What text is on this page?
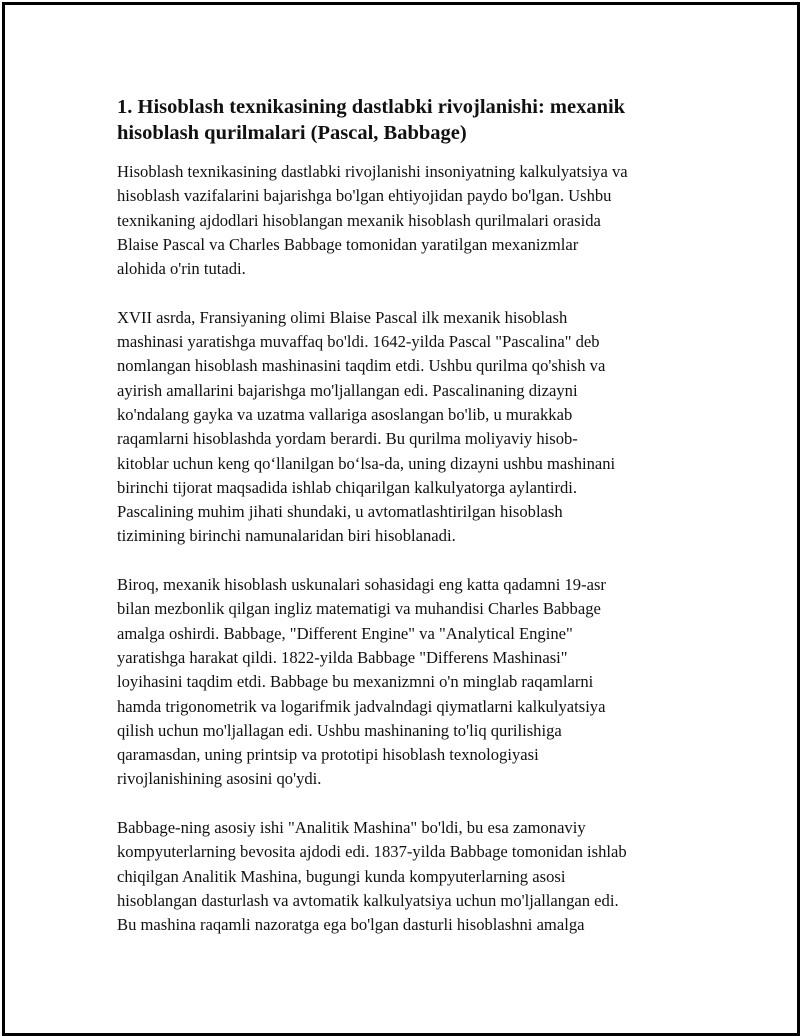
1. Hisoblash texnikasining dastlabki rivojlanishi: mexanik
hisoblash qurilmalari (Pascal, Babbage)
Hisoblash texnikasining dastlabki rivojlanishi insoniyatning kalkulyatsiya va
hisoblash vazifalarini bajarishga bo'lgan ehtiyojidan paydo bo'lgan. Ushbu
texnikaning ajdodlari hisoblangan mexanik hisoblash qurilmalari orasida
Blaise Pascal va Charles Babbage tomonidan yaratilgan mexanizmlar
alohida o'rin tutadi.
XVII asrda, Fransiyaning olimi Blaise Pascal ilk mexanik hisoblash
mashinasi yaratishga muvaffaq bo'ldi. 1642-yilda Pascal "Pascalina" deb
nomlangan hisoblash mashinasini taqdim etdi. Ushbu qurilma qo'shish va
ayirish amallarini bajarishga mo'ljallangan edi. Pascalinaning dizayni
ko'ndalang gayka va uzatma vallariga asoslangan bo'lib, u murakkab
raqamlarni hisoblashda yordam berardi. Bu qurilma moliyaviy hisob-
kitoblar uchun keng qo‘llanilgan bo‘lsa-da, uning dizayni ushbu mashinani
birinchi tijorat maqsadida ishlab chiqarilgan kalkulyatorga aylantirdi.
Pascalining muhim jihati shundaki, u avtomatlashtirilgan hisoblash
tizimining birinchi namunalaridan biri hisoblanadi.
Biroq, mexanik hisoblash uskunalari sohasidagi eng katta qadamni 19-asr
bilan mezbonlik qilgan ingliz matematigi va muhandisi Charles Babbage
amalga oshirdi. Babbage, "Different Engine" va "Analytical Engine"
yaratishga harakat qildi. 1822-yilda Babbage "Differens Mashinasi"
loyihasini taqdim etdi. Babbage bu mexanizmni o'n minglab raqamlarni
hamda trigonometrik va logarifmik jadvalndagi qiymatlarni kalkulyatsiya
qilish uchun mo'ljallagan edi. Ushbu mashinaning to'liq qurilishiga
qaramasdan, uning printsip va prototipi hisoblash texnologiyasi
rivojlanishining asosini qo'ydi.
Babbage-ning asosiy ishi "Analitik Mashina" bo'ldi, bu esa zamonaviy
kompyuterlarning bevosita ajdodi edi. 1837-yilda Babbage tomonidan ishlab
chiqilgan Analitik Mashina, bugungi kunda kompyuterlarning asosi
hisoblangan dasturlash va avtomatik kalkulyatsiya uchun mo'ljallangan edi.
Bu mashina raqamli nazoratga ega bo'lgan dasturli hisoblashni amalga
